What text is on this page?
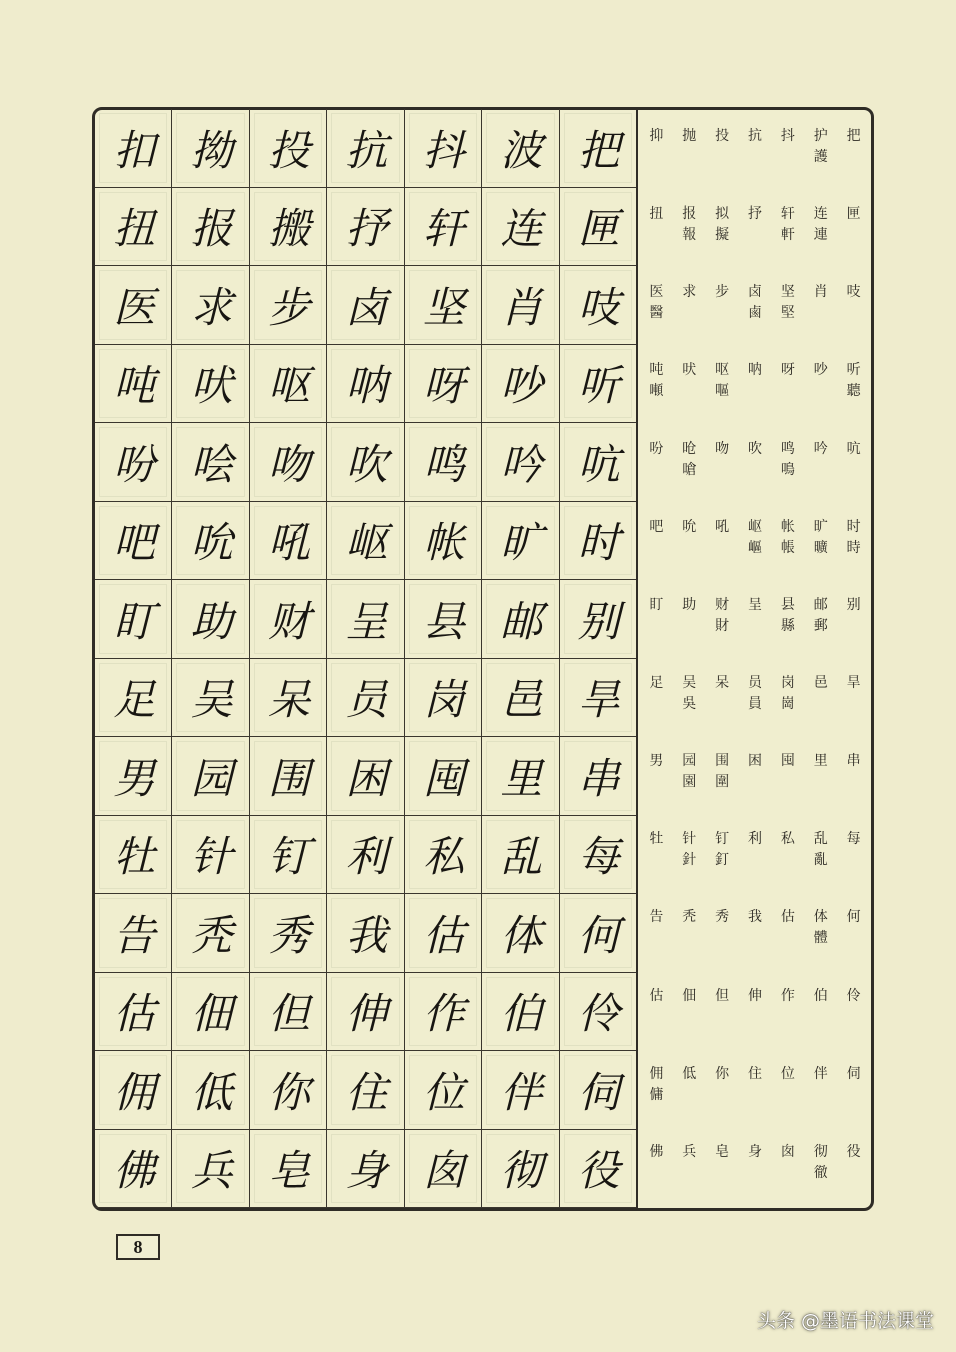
扣 拗 投 抗 抖 波 把
扭 报 搬 抒 轩 连 匣
医 求 步 卤 坚 肖 吱
吨 吠 呕 呐 呀 吵 听
吩 哙 吻 吹 鸣 吟 吭
吧 吮 吼 岖 帐 旷 时
盯 助 财 呈 县 邮 别
足 吴 呆 员 岗 邑 旱
男 园 围 困 囤 里 串
牡 针 钉 利 私 乱 每
告 秃 秀 我 估 体 何
估 佃 但 伸 作 伯 伶
佣 低 你 住 位 伴 伺
佛 兵 皂 身 囱 彻 役
抑 抛 投 抗 抖 护
護
把
扭 报
報
拟
擬
抒 轩
軒
连
連
匣
医
醫
求 步 卤
鹵
坚
堅
肖 吱
吨
噸
吠 呕
嘔
呐 呀 吵 听
聽
吩 呛
嗆
吻 吹 鸣
鳴
吟 吭
吧 吮 吼 岖
嶇
帐
帳
旷
曠
时
時
盯 助 财
財
呈 县
縣
邮
郵
别
足 吴
吳
呆 员
員
岗
崗
邑 旱
男 园
園
围
圍
困 囤 里 串
牡 针
針
钉
釘
利 私 乱
亂
每
告 秃 秀 我 估 体
體
何
估 佃 但 伸 作 伯 伶
佣
傭
低 你 住 位 伴 伺
佛 兵 皂 身 囱 彻
徹
役
8
头条 @墨语书法课堂
